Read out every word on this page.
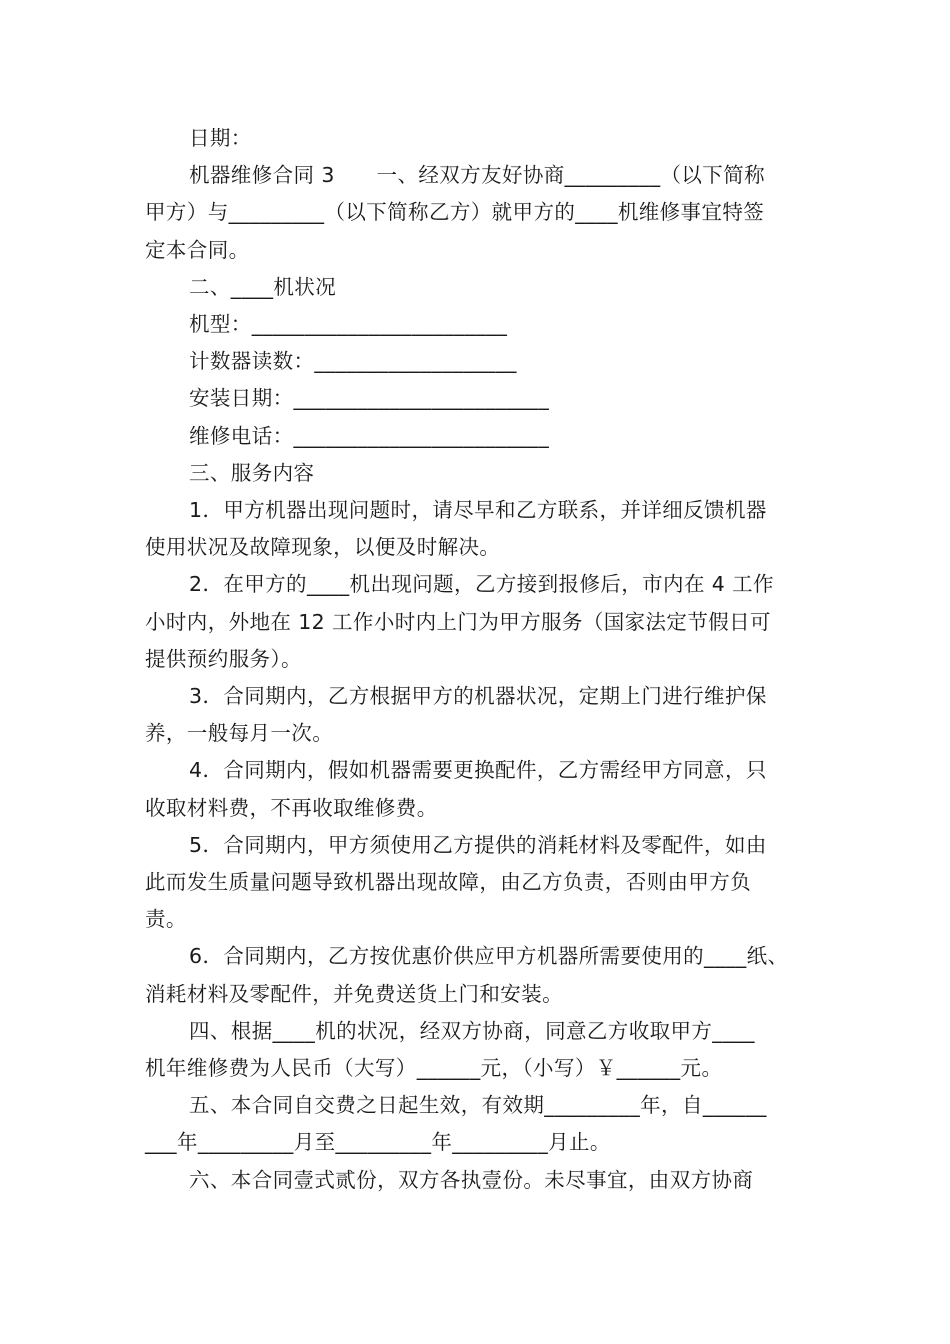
日期：
机器维修合同 3　　一、经双方友好协商_________（以下简称
甲方）与_________（以下简称乙方）就甲方的____机维修事宜特签
定本合同。
二、____机状况
机型：________________________
计数器读数：___________________
安装日期：________________________
维修电话：________________________
三、服务内容
1．甲方机器出现问题时，请尽早和乙方联系，并详细反馈机器
使用状况及故障现象，以便及时解决。
2．在甲方的____机出现问题，乙方接到报修后，市内在 4 工作
小时内，外地在 12 工作小时内上门为甲方服务（国家法定节假日可
提供预约服务）。
3．合同期内，乙方根据甲方的机器状况，定期上门进行维护保
养，一般每月一次。
4．合同期内，假如机器需要更换配件，乙方需经甲方同意，只
收取材料费，不再收取维修费。
5．合同期内，甲方须使用乙方提供的消耗材料及零配件，如由
此而发生质量问题导致机器出现故障，由乙方负责，否则由甲方负
责。
6．合同期内，乙方按优惠价供应甲方机器所需要使用的____纸、
消耗材料及零配件，并免费送货上门和安装。
四、根据____机的状况，经双方协商，同意乙方收取甲方____
机年维修费为人民币（大写）______元，（小写）￥______元。
五、本合同自交费之日起生效，有效期_________年，自______
___年_________月至_________年_________月止。
六、本合同壹式贰份，双方各执壹份。未尽事宜，由双方协商
